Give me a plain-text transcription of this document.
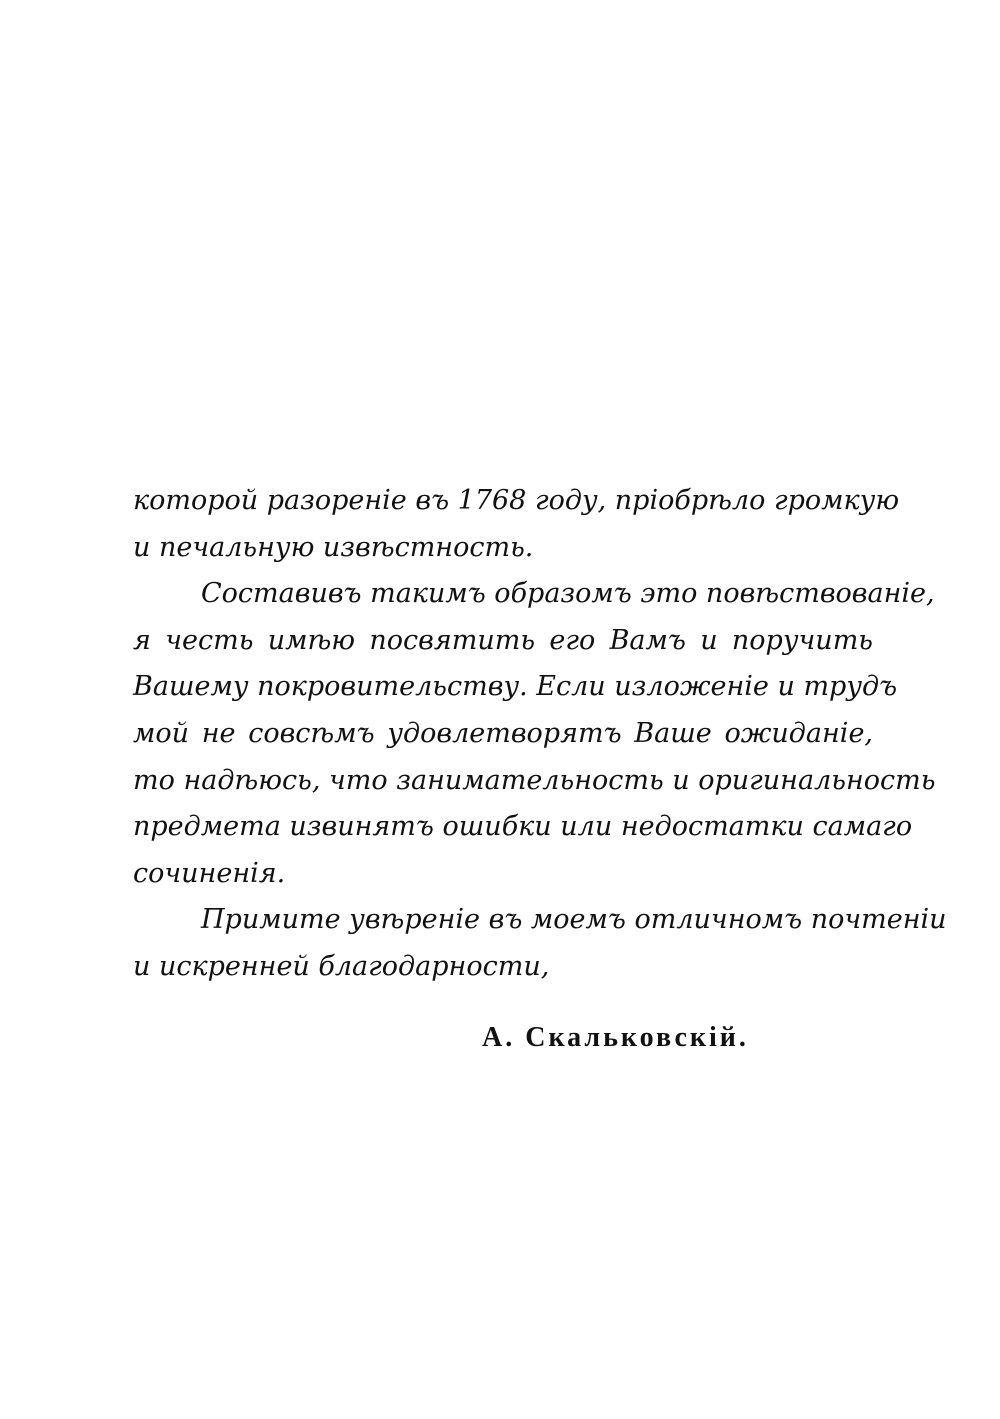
которой разоренie въ 1768 году, прiобрѣло громкую
и печальную извѣстность.
Составивъ такимъ образомъ это повѣствованiе,
я честь имѣю посвятить его Вамъ и поручить
Вашему покровительству. Если изложенiе и трудъ
мой не совсѣмъ удовлетворятъ Ваше ожиданiе,
то надѣюсь, что занимательность и оригинальность
предмета извинятъ ошибки или недостатки самаго
сочиненiя.
Примите увѣренiе въ моемъ отличномъ почтенiи
и искренней благодарности,
А. Скальковскiй.
